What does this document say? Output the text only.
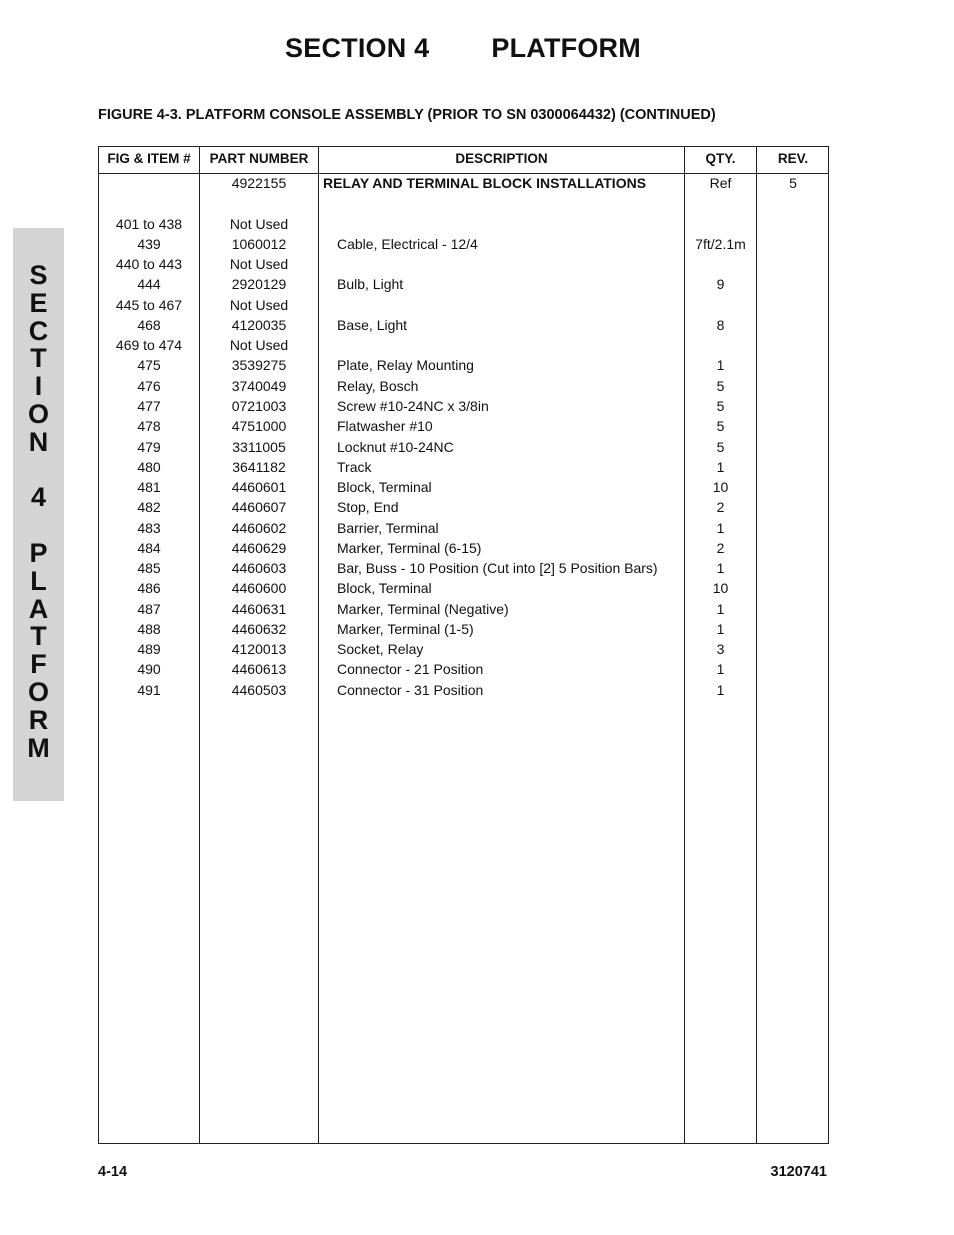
SECTION 4 PLATFORM
FIGURE 4-3. PLATFORM CONSOLE ASSEMBLY (PRIOR TO SN 0300064432) (CONTINUED)
S
E
C
T
I
O
N
4
P
L
A
T
F
O
R
M
FIG & ITEM #	PART NUMBER	DESCRIPTION	QTY.	REV.
4922155	RELAY AND TERMINAL BLOCK INSTALLATIONS	Ref	5
401 to 438	Not Used
439	1060012	Cable, Electrical - 12/4	7ft/2.1m
440 to 443	Not Used
444	2920129	Bulb, Light	9
445 to 467	Not Used
468	4120035	Base, Light	8
469 to 474	Not Used
475	3539275	Plate, Relay Mounting	1
476	3740049	Relay, Bosch	5
477	0721003	Screw #10-24NC x 3/8in	5
478	4751000	Flatwasher #10	5
479	3311005	Locknut #10-24NC	5
480	3641182	Track	1
481	4460601	Block, Terminal	10
482	4460607	Stop, End	2
483	4460602	Barrier, Terminal	1
484	4460629	Marker, Terminal (6-15)	2
485	4460603	Bar, Buss - 10 Position (Cut into [2] 5 Position Bars)	1
486	4460600	Block, Terminal	10
487	4460631	Marker, Terminal (Negative)	1
488	4460632	Marker, Terminal (1-5)	1
489	4120013	Socket, Relay	3
490	4460613	Connector - 21 Position	1
491	4460503	Connector - 31 Position	1
4-14	3120741
